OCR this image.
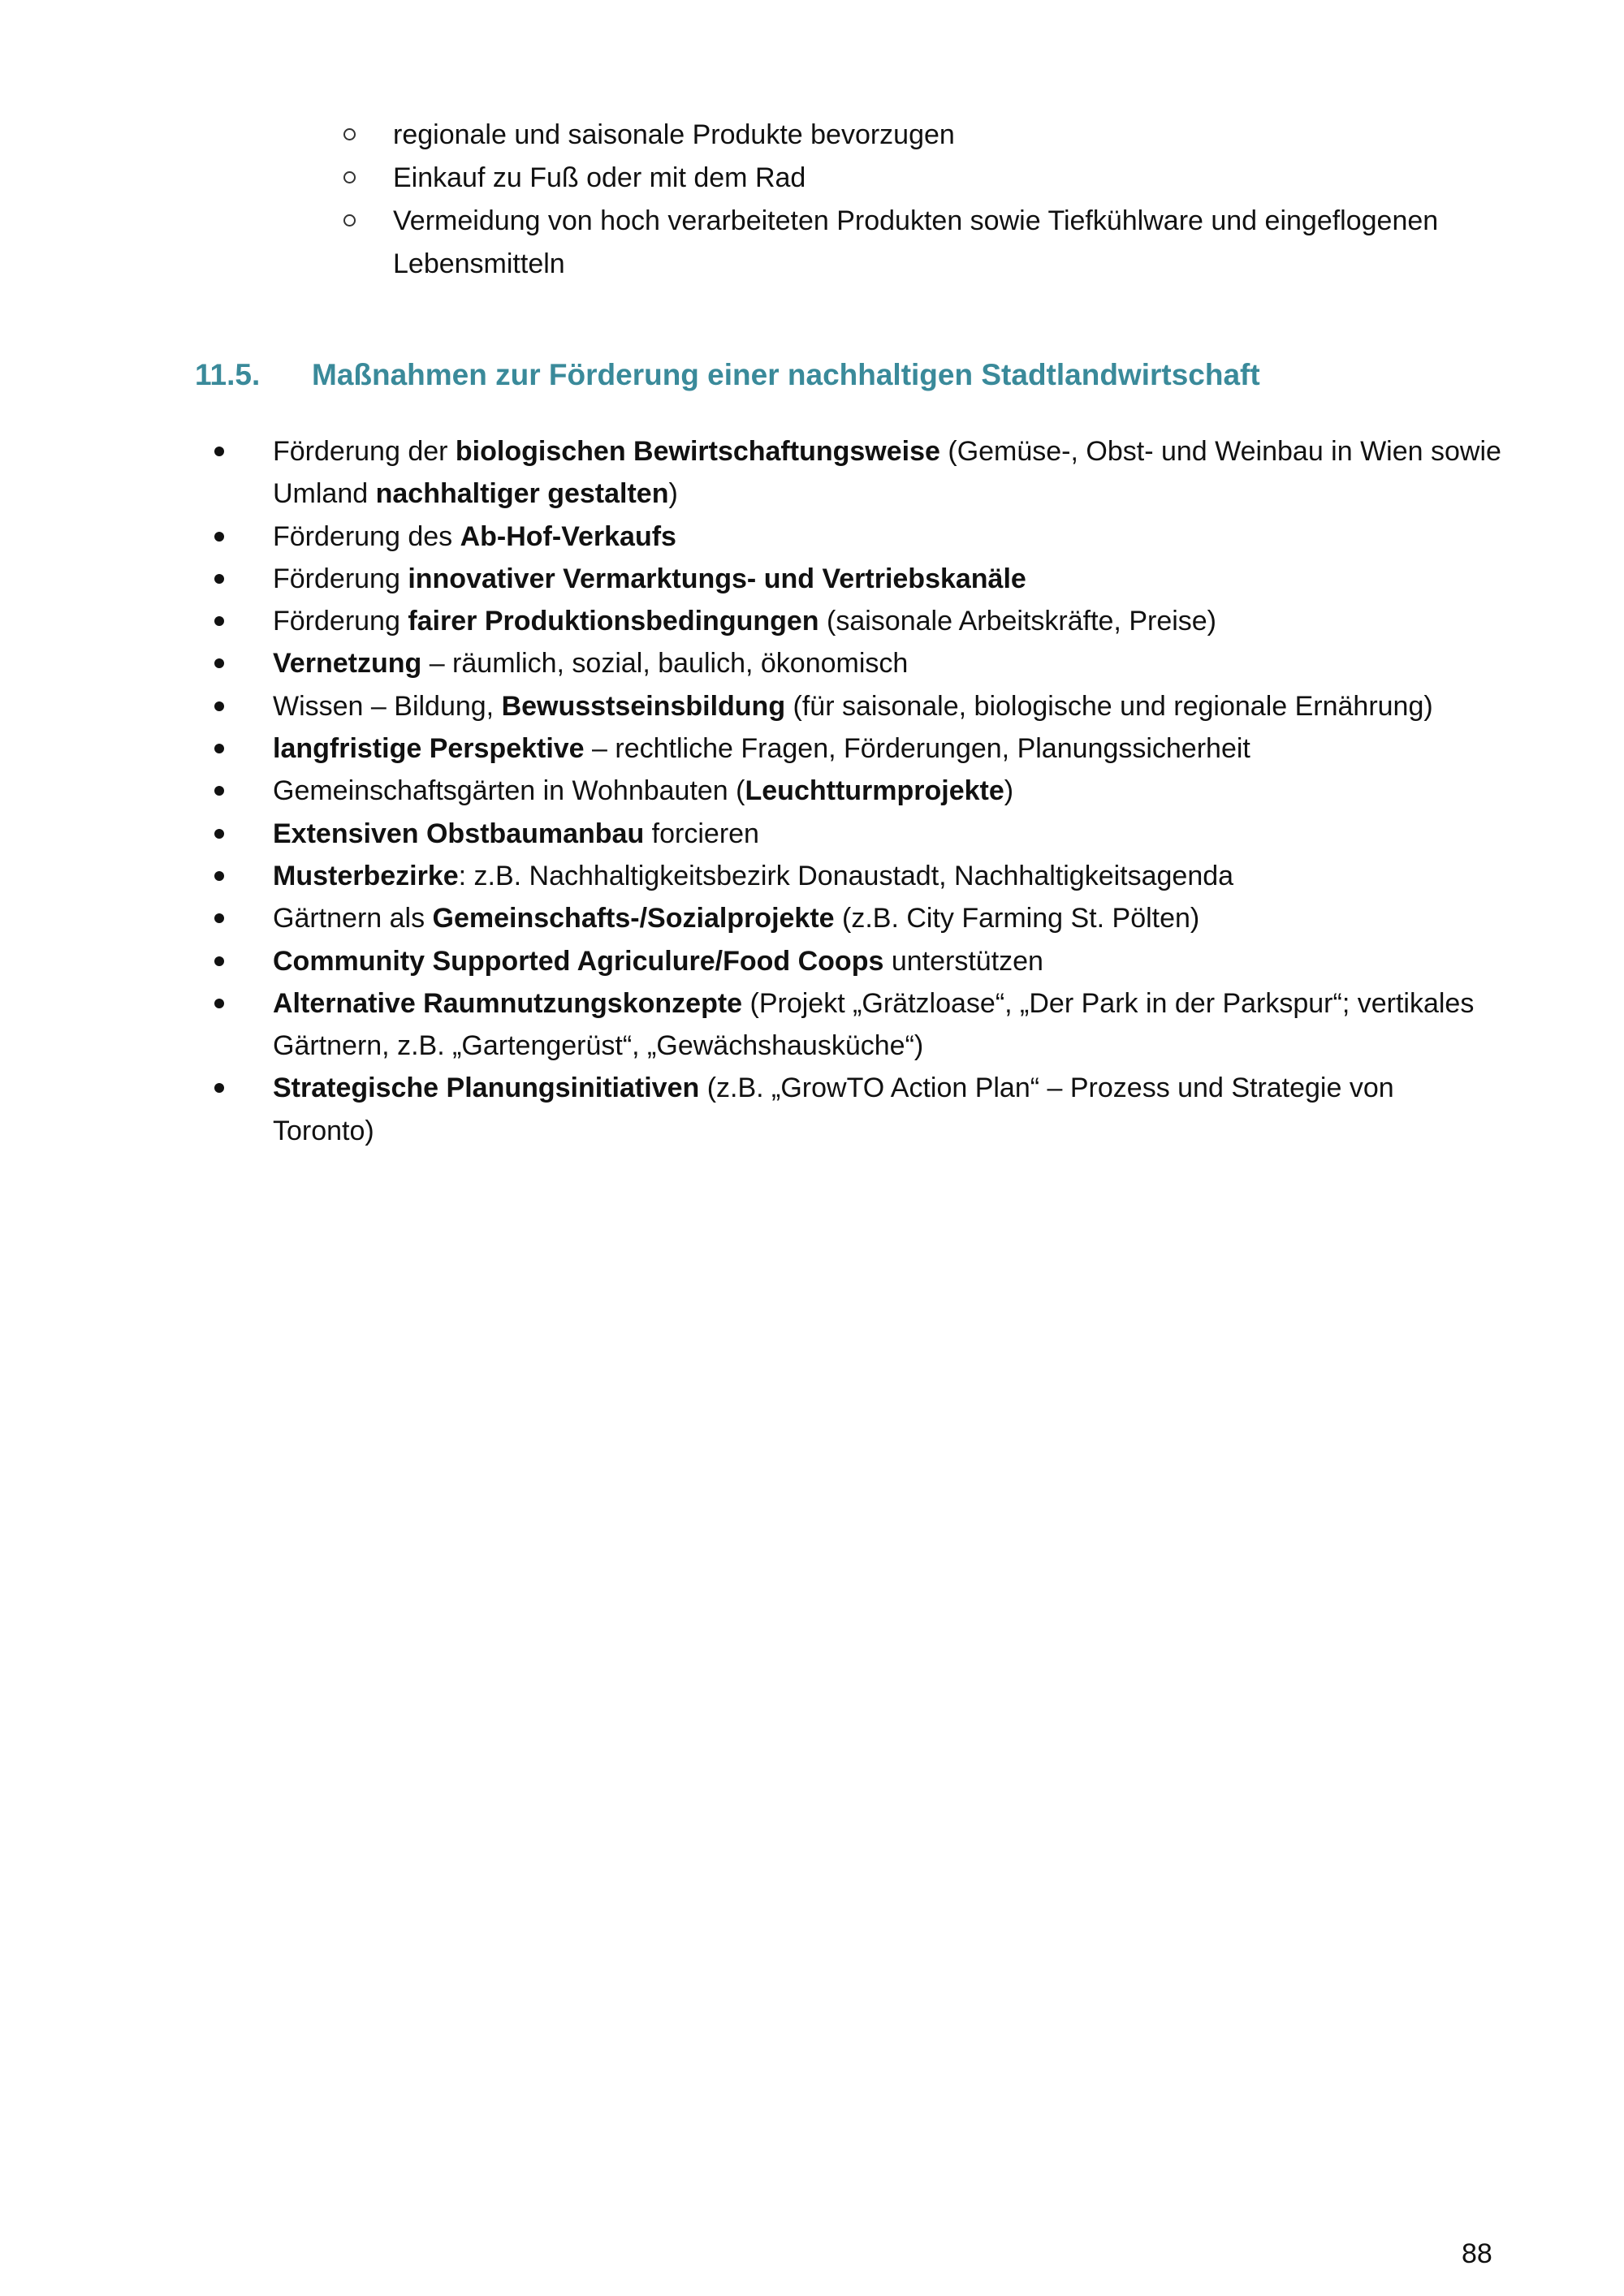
regionale und saisonale Produkte bevorzugen
Einkauf zu Fuß oder mit dem Rad
Vermeidung von hoch verarbeiteten Produkten sowie Tiefkühlware und eingeflogenen Lebensmitteln
11.5. Maßnahmen zur Förderung einer nachhaltigen Stadtlandwirtschaft
Förderung der biologischen Bewirtschaftungsweise (Gemüse-, Obst- und Weinbau in Wien sowie Umland nachhaltiger gestalten)
Förderung des Ab-Hof-Verkaufs
Förderung innovativer Vermarktungs- und Vertriebskanäle
Förderung fairer Produktionsbedingungen (saisonale Arbeitskräfte, Preise)
Vernetzung – räumlich, sozial, baulich, ökonomisch
Wissen – Bildung, Bewusstseinsbildung (für saisonale, biologische und regionale Ernährung)
langfristige Perspektive – rechtliche Fragen, Förderungen, Planungssicherheit
Gemeinschaftsgärten in Wohnbauten (Leuchtturmprojekte)
Extensiven Obstbaumanbau forcieren
Musterbezirke: z.B. Nachhaltigkeitsbezirk Donaustadt, Nachhaltigkeitsagenda
Gärtnern als Gemeinschafts-/Sozialprojekte (z.B. City Farming St. Pölten)
Community Supported Agriculure/Food Coops unterstützen
Alternative Raumnutzungskonzepte (Projekt „Grätzloase“, „Der Park in der Parkspur“; vertikales Gärtnern, z.B. „Gartengerüst“, „Gewächshausküche“)
Strategische Planungsinitiativen (z.B. „GrowTO Action Plan“ – Prozess und Strategie von Toronto)
88
